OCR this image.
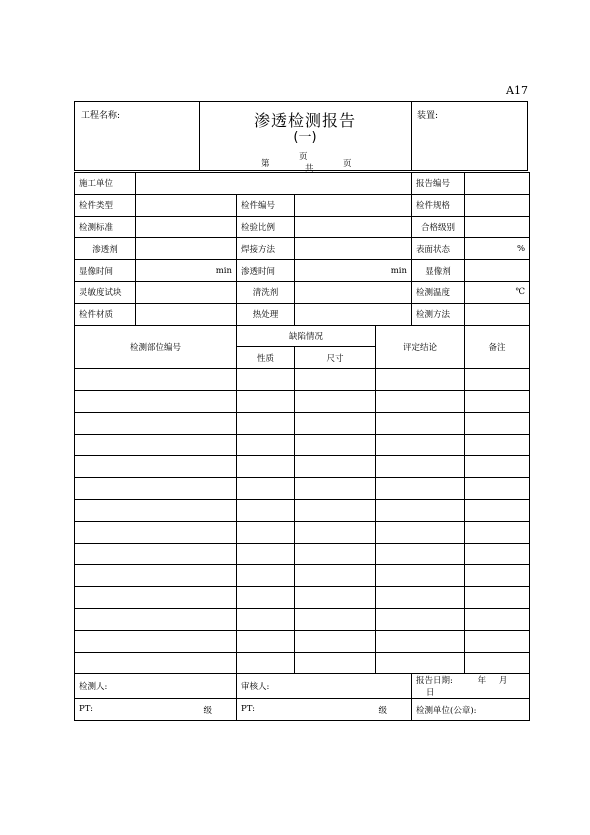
A17
工程名称:	渗透检测报告
(一)
第
页
共	页
装置:
施工单位					报告编号	
检件类型		检件编号			检件规格	
检测标准		检验比例			合格级别	
渗透剂		焊接方法			表面状态	%
显像时间	min	渗透时间	min		显像剂	
灵敏度试块		清洗剂			检测温度	℃
检件材质		热处理			检测方法	
检测部位编号		缺陷情况		评定结论		备注
		性质	尺寸			

检测人:		审核人:			报告日期: 年 月 日	
PT: 级		PT: 级			检测单位(公章):	
